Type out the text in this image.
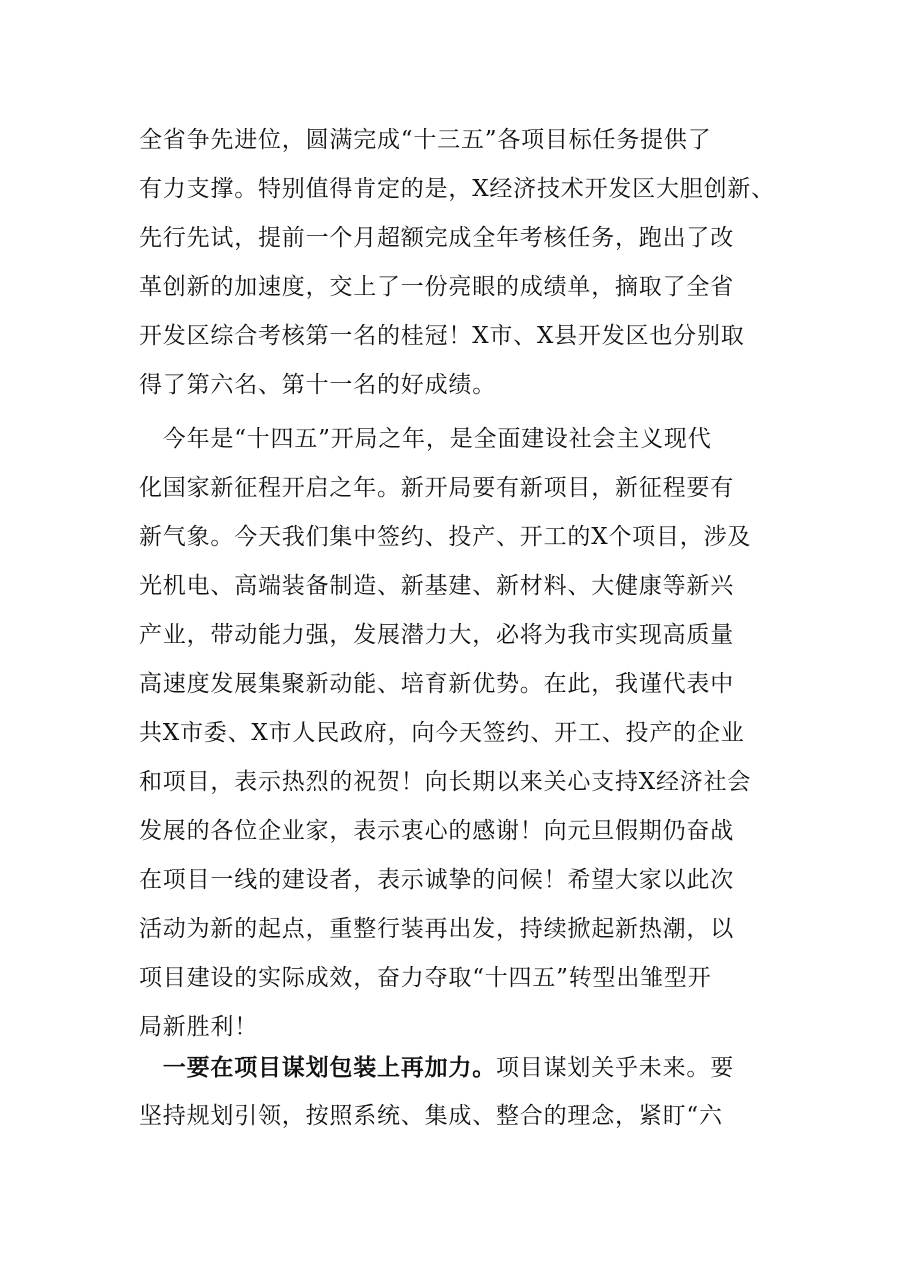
全省争先进位，圆满完成“十三五”各项目标任务提供了
有力支撑。特别值得肯定的是，X经济技术开发区大胆创新、
先行先试，提前一个月超额完成全年考核任务，跑出了改
革创新的加速度，交上了一份亮眼的成绩单，摘取了全省
开发区综合考核第一名的桂冠！X市、X县开发区也分别取
得了第六名、第十一名的好成绩。
　今年是“十四五”开局之年，是全面建设社会主义现代
化国家新征程开启之年。新开局要有新项目，新征程要有
新气象。今天我们集中签约、投产、开工的X个项目，涉及
光机电、高端装备制造、新基建、新材料、大健康等新兴
产业，带动能力强，发展潜力大，必将为我市实现高质量
高速度发展集聚新动能、培育新优势。在此，我谨代表中
共X市委、X市人民政府，向今天签约、开工、投产的企业
和项目，表示热烈的祝贺！向长期以来关心支持X经济社会
发展的各位企业家，表示衷心的感谢！向元旦假期仍奋战
在项目一线的建设者，表示诚挚的问候！希望大家以此次
活动为新的起点，重整行装再出发，持续掀起新热潮，以
项目建设的实际成效，奋力夺取“十四五”转型出雏型开
局新胜利！
　一要在项目谋划包装上再加力。项目谋划关乎未来。要
坚持规划引领，按照系统、集成、整合的理念，紧盯“六
